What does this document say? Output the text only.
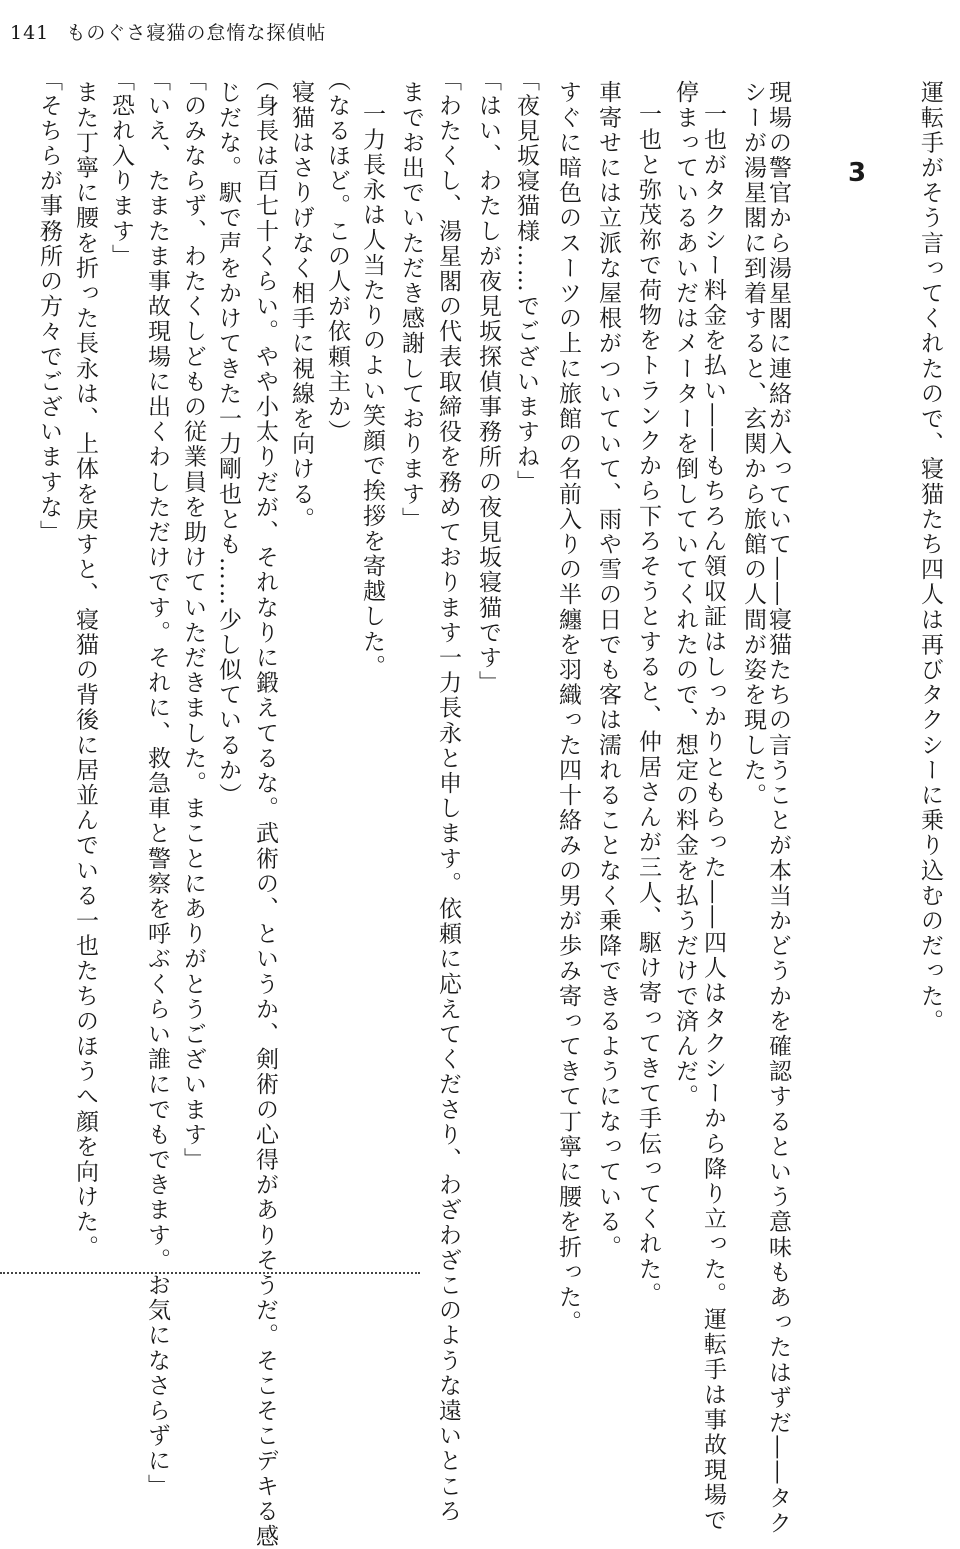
141 ものぐさ寝猫の怠惰な探偵帖
3 運転手がそう言ってくれたので、寝猫たち四人は再びタクシーに乗り込むのだった。
現場の警官から湯星閣に連絡が入っていて――寝猫たちの言うことが本当かどうかを確認するという意味もあったはずだ――タク
シーが湯星閣に到着すると、玄関から旅館の人間が姿を現した。
一也がタクシー料金を払い――もちろん領収証はしっかりともらった――四人はタクシーから降り立った。運転手は事故現場で
停まっているあいだはメーターを倒していてくれたので、想定の料金を払うだけで済んだ。
一也と弥茂祢で荷物をトランクから下ろそうとすると、仲居さんが三人、駆け寄ってきて手伝ってくれた。
車寄せには立派な屋根がついていて、雨や雪の日でも客は濡れることなく乗降できるようになっている。
すぐに暗色のスーツの上に旅館の名前入りの半纏を羽織った四十絡みの男が歩み寄ってきて丁寧に腰を折った。
「夜見坂寝猫様……でございますね」
「はい、わたしが夜見坂探偵事務所の夜見坂寝猫です」
「わたくし、湯星閣の代表取締役を務めております一力長永と申します。依頼に応えてくださり、わざわざこのような遠いところ
までお出でいただき感謝しております」
一力長永は人当たりのよい笑顔で挨拶を寄越した。
（なるほど。この人が依頼主か）
寝猫はさりげなく相手に視線を向ける。
（身長は百七十くらい。やや小太りだが、それなりに鍛えてるな。武術の、というか、剣術の心得がありそうだ。そこそこデキる感
じだな。駅で声をかけてきた一力剛也とも……少し似ているか）
「のみならず、わたくしどもの従業員を助けていただきました。まことにありがとうございます」
「いえ、たまたま事故現場に出くわしただけです。それに、救急車と警察を呼ぶくらい誰にでもできます。お気になさらずに」
「恐れ入ります」
また丁寧に腰を折った長永は、上体を戻すと、寝猫の背後に居並んでいる一也たちのほうへ顔を向けた。
「そちらが事務所の方々でございますな」
